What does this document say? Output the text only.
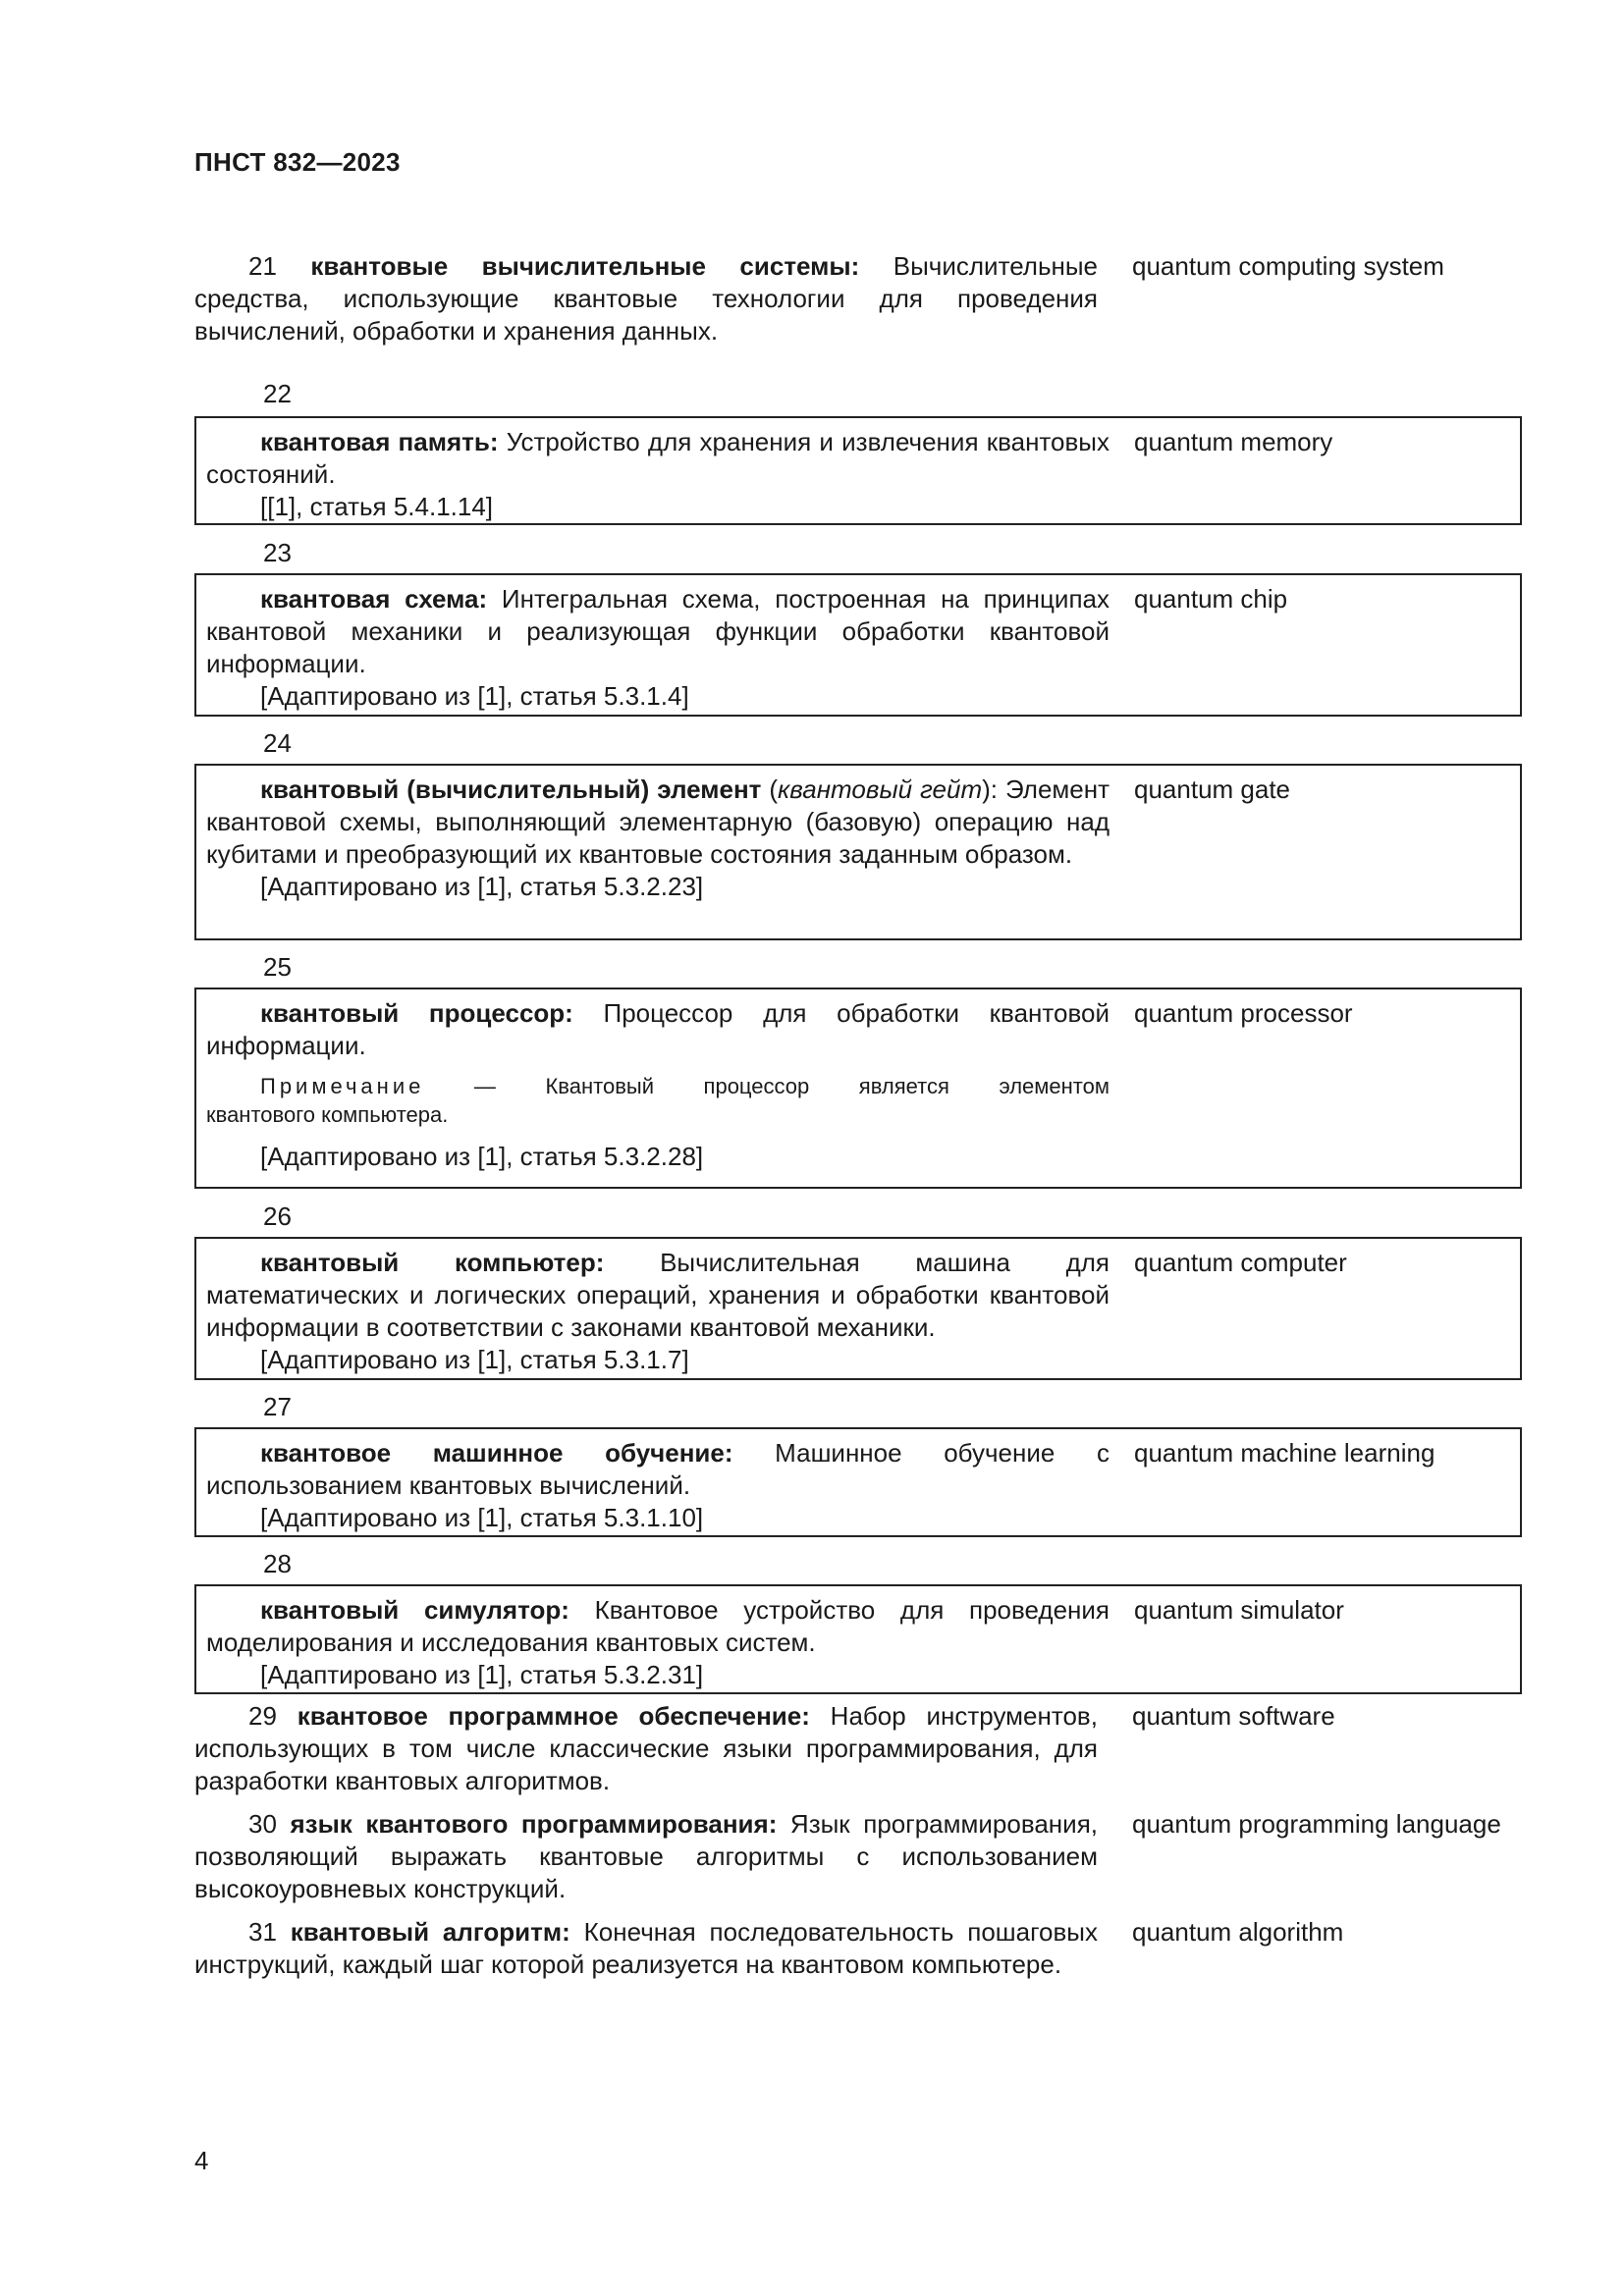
ПНСТ 832—2023

21 квантовые вычислительные системы: Вычислительные средства, использующие квантовые технологии для проведения вычислений, обработки и хранения данных.

quantum computing system
22

квантовая память: Устройство для хранения и извлечения квантовых состояний.

[[1], статья 5.4.1.14]

quantum memory
23

квантовая схема: Интегральная схема, построенная на принципах квантовой механики и реализующая функции обработки квантовой информации.

[Адаптировано из [1], статья 5.3.1.4]

quantum chip
24

квантовый (вычислительный) элемент (квантовый гейт): Элемент квантовой схемы, выполняющий элементарную (базовую) операцию над кубитами и преобразующий их квантовые состояния заданным образом.

[Адаптировано из [1], статья 5.3.2.23]

quantum gate
25

квантовый процессор: Процессор для обработки квантовой информации.

Примечание — Квантовый процессор является элементом
квантового компьютера.

[Адаптировано из [1], статья 5.3.2.28]

quantum processor
26

квантовый компьютер: Вычислительная машина для математических и логических операций, хранения и обработки квантовой информации в соответствии с законами квантовой механики.

[Адаптировано из [1], статья 5.3.1.7]

quantum computer
27

квантовое машинное обучение: Машинное обучение с использованием квантовых вычислений.

[Адаптировано из [1], статья 5.3.1.10]

quantum machine learning
28

квантовый симулятор: Квантовое устройство для проведения моделирования и исследования квантовых систем.

[Адаптировано из [1], статья 5.3.2.31]

quantum simulator

29 квантовое программное обеспечение: Набор инструментов, использующих в том числе классические языки программирования, для разработки квантовых алгоритмов.

quantum software

30 язык квантового программирования: Язык программирования, позволяющий выражать квантовые алгоритмы с использованием высокоуровневых конструкций.

quantum programming language

31 квантовый алгоритм: Конечная последовательность пошаговых инструкций, каждый шаг которой реализуется на квантовом компьютере.

quantum algorithm
4
